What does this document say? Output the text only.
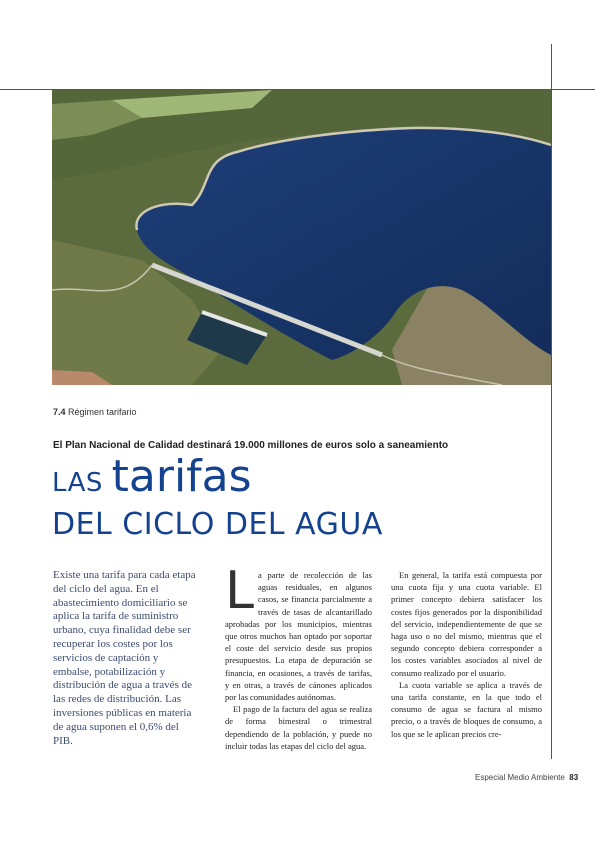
7.4 Régimen tarifario
El Plan Nacional de Calidad destinará 19.000 millones de euros solo a saneamiento
LAS tarifas
DEL CICLO DEL AGUA

Existe una tarifa para cada etapa del ciclo del agua. En el abastecimiento domiciliario se aplica la tarifa de suministro urbano, cuya finalidad debe ser recuperar los costes por los servicios de captación y embalse, potabilización y distribución de agua a través de las redes de distribución. Las inversiones públicas en materia de agua suponen el 0,6% del PIB.

La parte de recolección de las aguas residuales, en algunos casos, se financia parcialmente a través de tasas de alcantarillado aprobadas por los municipios, mientras que otros muchos han optado por soportar el coste del servicio desde sus propios presupuestos. La etapa de depuración se financia, en ocasiones, a través de tarifas, y en otras, a través de cánones aplicados por las comunidades autónomas.

El pago de la factura del agua se realiza de forma bimestral o trimestral dependiendo de la población, y puede no incluir todas las etapas del ciclo del agua.

En general, la tarifa está compuesta por una cuota fija y una cuota variable. El primer concepto debiera satisfacer los costes fijos generados por la disponibilidad del servicio, independientemente de que se haga uso o no del mismo, mientras que el segundo concepto debiera corresponder a los costes variables asociados al nivel de consumo realizado por el usuario.

La cuota variable se aplica a través de una tarifa constante, en la que todo el consumo de agua se factura al mismo precio, o a través de bloques de consumo, a los que se le aplican precios cre-

Especial Medio Ambiente 83
